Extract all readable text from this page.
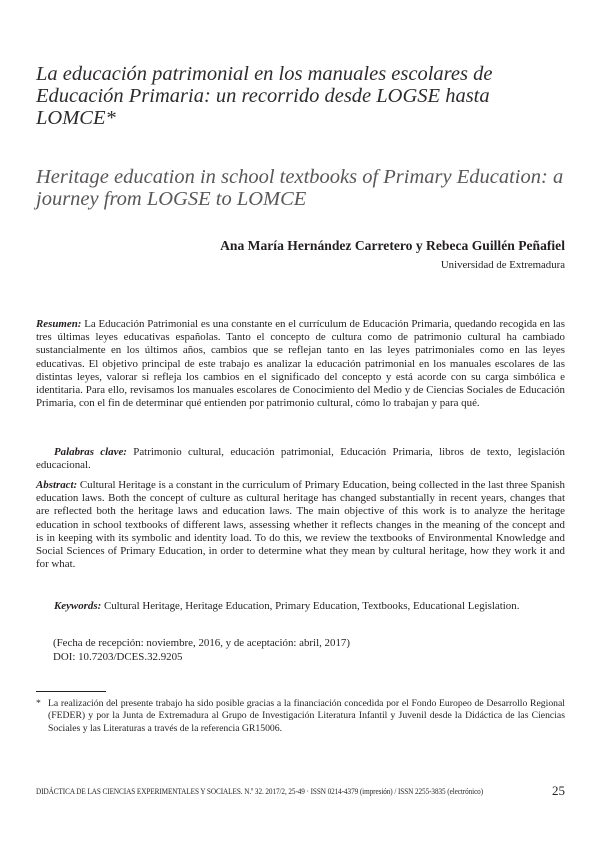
La educación patrimonial en los manuales escolares de Educación Primaria: un recorrido desde LOGSE hasta LOMCE*
Heritage education in school textbooks of Primary Education: a journey from LOGSE to LOMCE
Ana María Hernández Carretero y Rebeca Guillén Peñafiel
Universidad de Extremadura

Resumen: La Educación Patrimonial es una constante en el currículum de Educación Primaria, quedando recogida en las tres últimas leyes educativas españolas. Tanto el concepto de cultura como de patrimonio cultural ha cambiado sustancialmente en los últimos años, cambios que se reflejan tanto en las leyes patrimoniales como en las leyes educativas. El objetivo principal de este trabajo es analizar la educación patrimonial en los manuales escolares de las distintas leyes, valorar si refleja los cambios en el significado del concepto y está acorde con su carga simbólica e identitaria. Para ello, revisamos los manuales escolares de Conocimiento del Medio y de Ciencias Sociales de Educación Primaria, con el fin de determinar qué entienden por patrimonio cultural, cómo lo trabajan y para qué.

Palabras clave: Patrimonio cultural, educación patrimonial, Educación Primaria, libros de texto, legislación educacional.

Abstract: Cultural Heritage is a constant in the curriculum of Primary Education, being collected in the last three Spanish education laws. Both the concept of culture as cultural heritage has changed substantially in recent years, changes that are reflected both the heritage laws and education laws. The main objective of this work is to analyze the heritage education in school textbooks of different laws, assessing whether it reflects changes in the meaning of the concept and is in keeping with its symbolic and identity load. To do this, we review the textbooks of Environmental Knowledge and Social Sciences of Primary Education, in order to determine what they mean by cultural heritage, how they work it and for what.

Keywords: Cultural Heritage, Heritage Education, Primary Education, Textbooks, Educational Legislation.

(Fecha de recepción: noviembre, 2016, y de aceptación: abril, 2017)
DOI: 10.7203/DCES.32.9205
* La realización del presente trabajo ha sido posible gracias a la financiación concedida por el Fondo Europeo de Desarrollo Regional (FEDER) y por la Junta de Extremadura al Grupo de Investigación Literatura Infantil y Juvenil desde la Didáctica de las Ciencias Sociales y las Literaturas a través de la referencia GR15006.
DIDÁCTICA DE LAS CIENCIAS EXPERIMENTALES Y SOCIALES. N.º 32. 2017/2, 25-49 · ISSN 0214-4379 (impresión) / ISSN 2255-3835 (electrónico)	25
